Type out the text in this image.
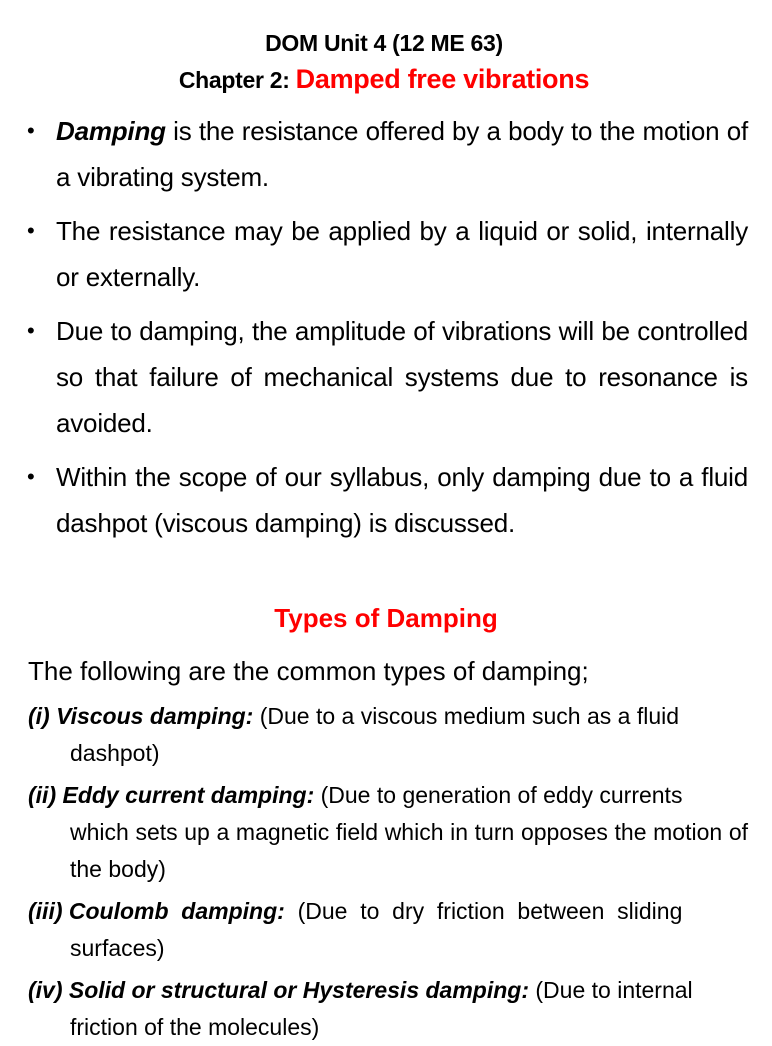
DOM Unit 4 (12 ME 63)
Chapter 2: Damped free vibrations
• Damping is the resistance offered by a body to the motion of a vibrating system.
• The resistance may be applied by a liquid or solid, internally or externally.
• Due to damping, the amplitude of vibrations will be controlled so that failure of mechanical systems due to resonance is avoided.
• Within the scope of our syllabus, only damping due to a fluid dashpot (viscous damping) is discussed.
Types of Damping
The following are the common types of damping;
(i) Viscous damping: (Due to a viscous medium such as a fluid
dashpot)
(ii) Eddy current damping: (Due to generation of eddy currents
which sets up a magnetic field which in turn opposes the motion of the body)
(iii) Coulomb  damping:  (Due  to  dry  friction  between  sliding
surfaces)
(iv) Solid or structural or Hysteresis damping: (Due to internal
friction of the molecules)
